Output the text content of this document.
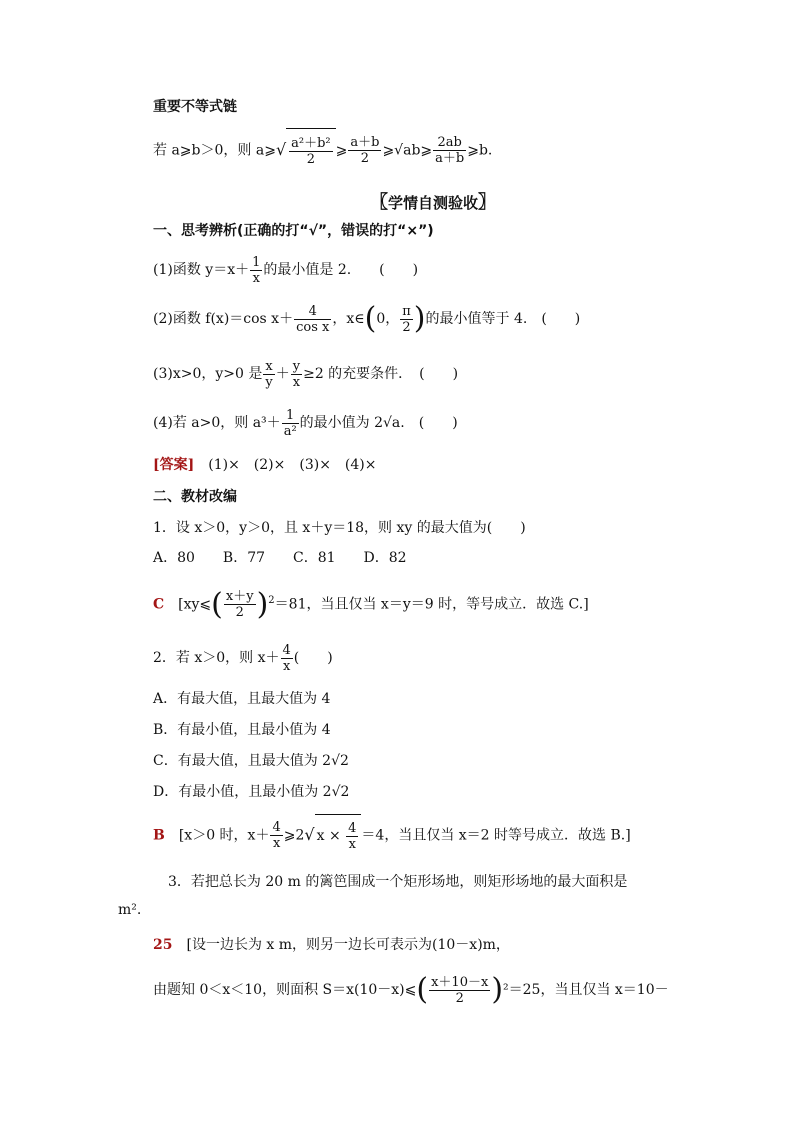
重要不等式链
若 a⩾b＞0，则 a⩾√ $\frac{\text{a²＋b²}}{2}$ ⩾ $\frac{a+b}{2}$ ⩾√ab⩾ $\frac{2ab}{a+b}$ ⩾b.
〖学情自测验收〗
一、思考辨析(正确的打“√”，错误的打“×”)
(1)函数 $y=x+ \frac{1}{x}$ 的最小值是 2.　　(　　)
(2)函数 f(x)＝cos $x+ \frac{4}{\text{cos x}}$ ，x∈(0， $\frac{\pi}{2}$ )的最小值等于 4.　(　　)
(3)x>0，y>0 是 $\frac{x}{y} + \frac{y}{x} \ge 2$ 的充要条件．　(　　)
(4)若 a>0，则 $a^3+ \frac{1}{\text{a²}}$ 的最小值为 2√a.　(　　)
[答案]　 (1)×　(2)×　(3)×　(4)×
二、教材改编
1．设 x＞0，y＞0，且 x＋y＝18，则 xy 的最大值为(　　)
A．80　　B．77　　C．81　　D．82
C　 [xy⩽( $\frac{x+y}{2} )^2=81$，当且仅当 x＝y＝9 时，等号成立．故选 C.]
2．若 x＞0，则 $x+ \frac{4}{x}$ (　　)
A．有最大值，且最大值为 4
B．有最小值，且最小值为 4
C．有最大值，且最大值为 2√2
D．有最小值，且最小值为 2√2
B　 [x＞0 时，$x+ \frac{4}{x}$ ⩾2√ $x \times \frac{4}{x} =4$，当且仅当 x＝2 时等号成立．故选 B.]
3．若把总长为 20 m 的篱笆围成一个矩形场地，则矩形场地的最大面积是
m².
25　 [设一边长为 x m，则另一边长可表示为(10－x)m，
由题知 0＜x＜10，则面积 S＝x(10－x)⩽( $\frac{x+10-x}{2} )^2=25$，当且仅当 x＝10－
